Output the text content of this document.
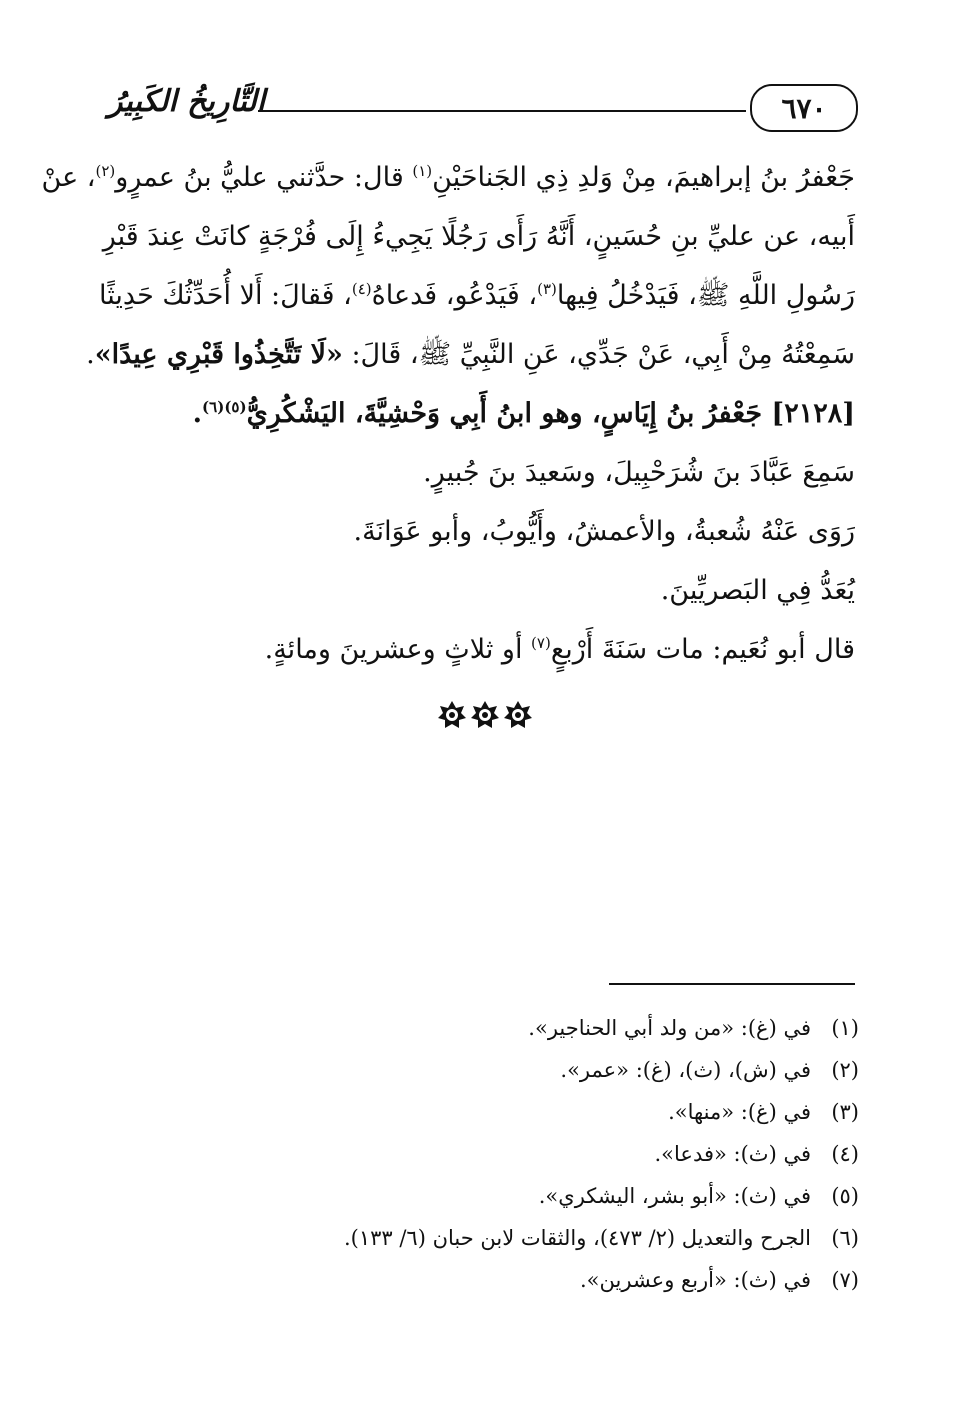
٦٧٠
التَّارِيخُ الكَبِيرُ

جَعْفرُ بنُ إبراهيمَ، مِنْ وَلدِ ذِي الجَناحَيْنِ$^{(١)}$ قال: حدَّثني عليُّ بنُ عمرٍو$^{(٢)}$، عنْ

أَبيه، عن عليِّ بنِ حُسَينٍ، أَنَّهُ رَأَى رَجُلًا يَجِيءُ إِلَى فُرْجَةٍ كانَتْ عِندَ قَبْرِ

رَسُولِ اللَّهِ ﷺ، فَيَدْخُلُ فِيها$^{(٣)}$، فَيَدْعُو، فَدعاهُ$^{(٤)}$، فَقالَ: أَلا أُحَدِّثُكَ حَدِيثًا

سَمِعْتُهُ مِنْ أَبِي، عَنْ جَدِّي، عَنِ النَّبِيِّ ﷺ، قَالَ: «لَا تَتَّخِذُوا قَبْرِي عِيدًا».

[٢١٢٨] جَعْفرُ بنُ إِيَاسٍ، وهو ابنُ أَبِي وَحْشِيَّةَ، اليَشْكُرِيُّ$^{(٥)(٦)}$.

سَمِعَ عَبَّادَ بنَ شُرَحْبِيلَ، وسَعيدَ بنَ جُبيرٍ.

رَوَى عَنْهُ شُعبةُ، والأعمشُ، وأَيُّوبُ، وأبو عَوَانَةَ.

يُعَدُّ فِي البَصريِّينَ.

قال أبو نُعَيم: مات سَنَةَ أَرْبعٍ$^{(٧)}$ أو ثلاثٍ وعشرينَ ومائةٍ.

(١)
في (غ): «من ولد أبي الحناجير».
(٢)
في (ش)، (ث)، (غ): «عمر».
(٣)
في (غ): «منها».
(٤)
في (ث): «فدعا».
(٥)
في (ث): «أبو بشر، اليشكري».
(٦)
الجرح والتعديل (٢/ ٤٧٣)، والثقات لابن حبان (٦/ ١٣٣).
(٧)
في (ث): «أربع وعشرين».
